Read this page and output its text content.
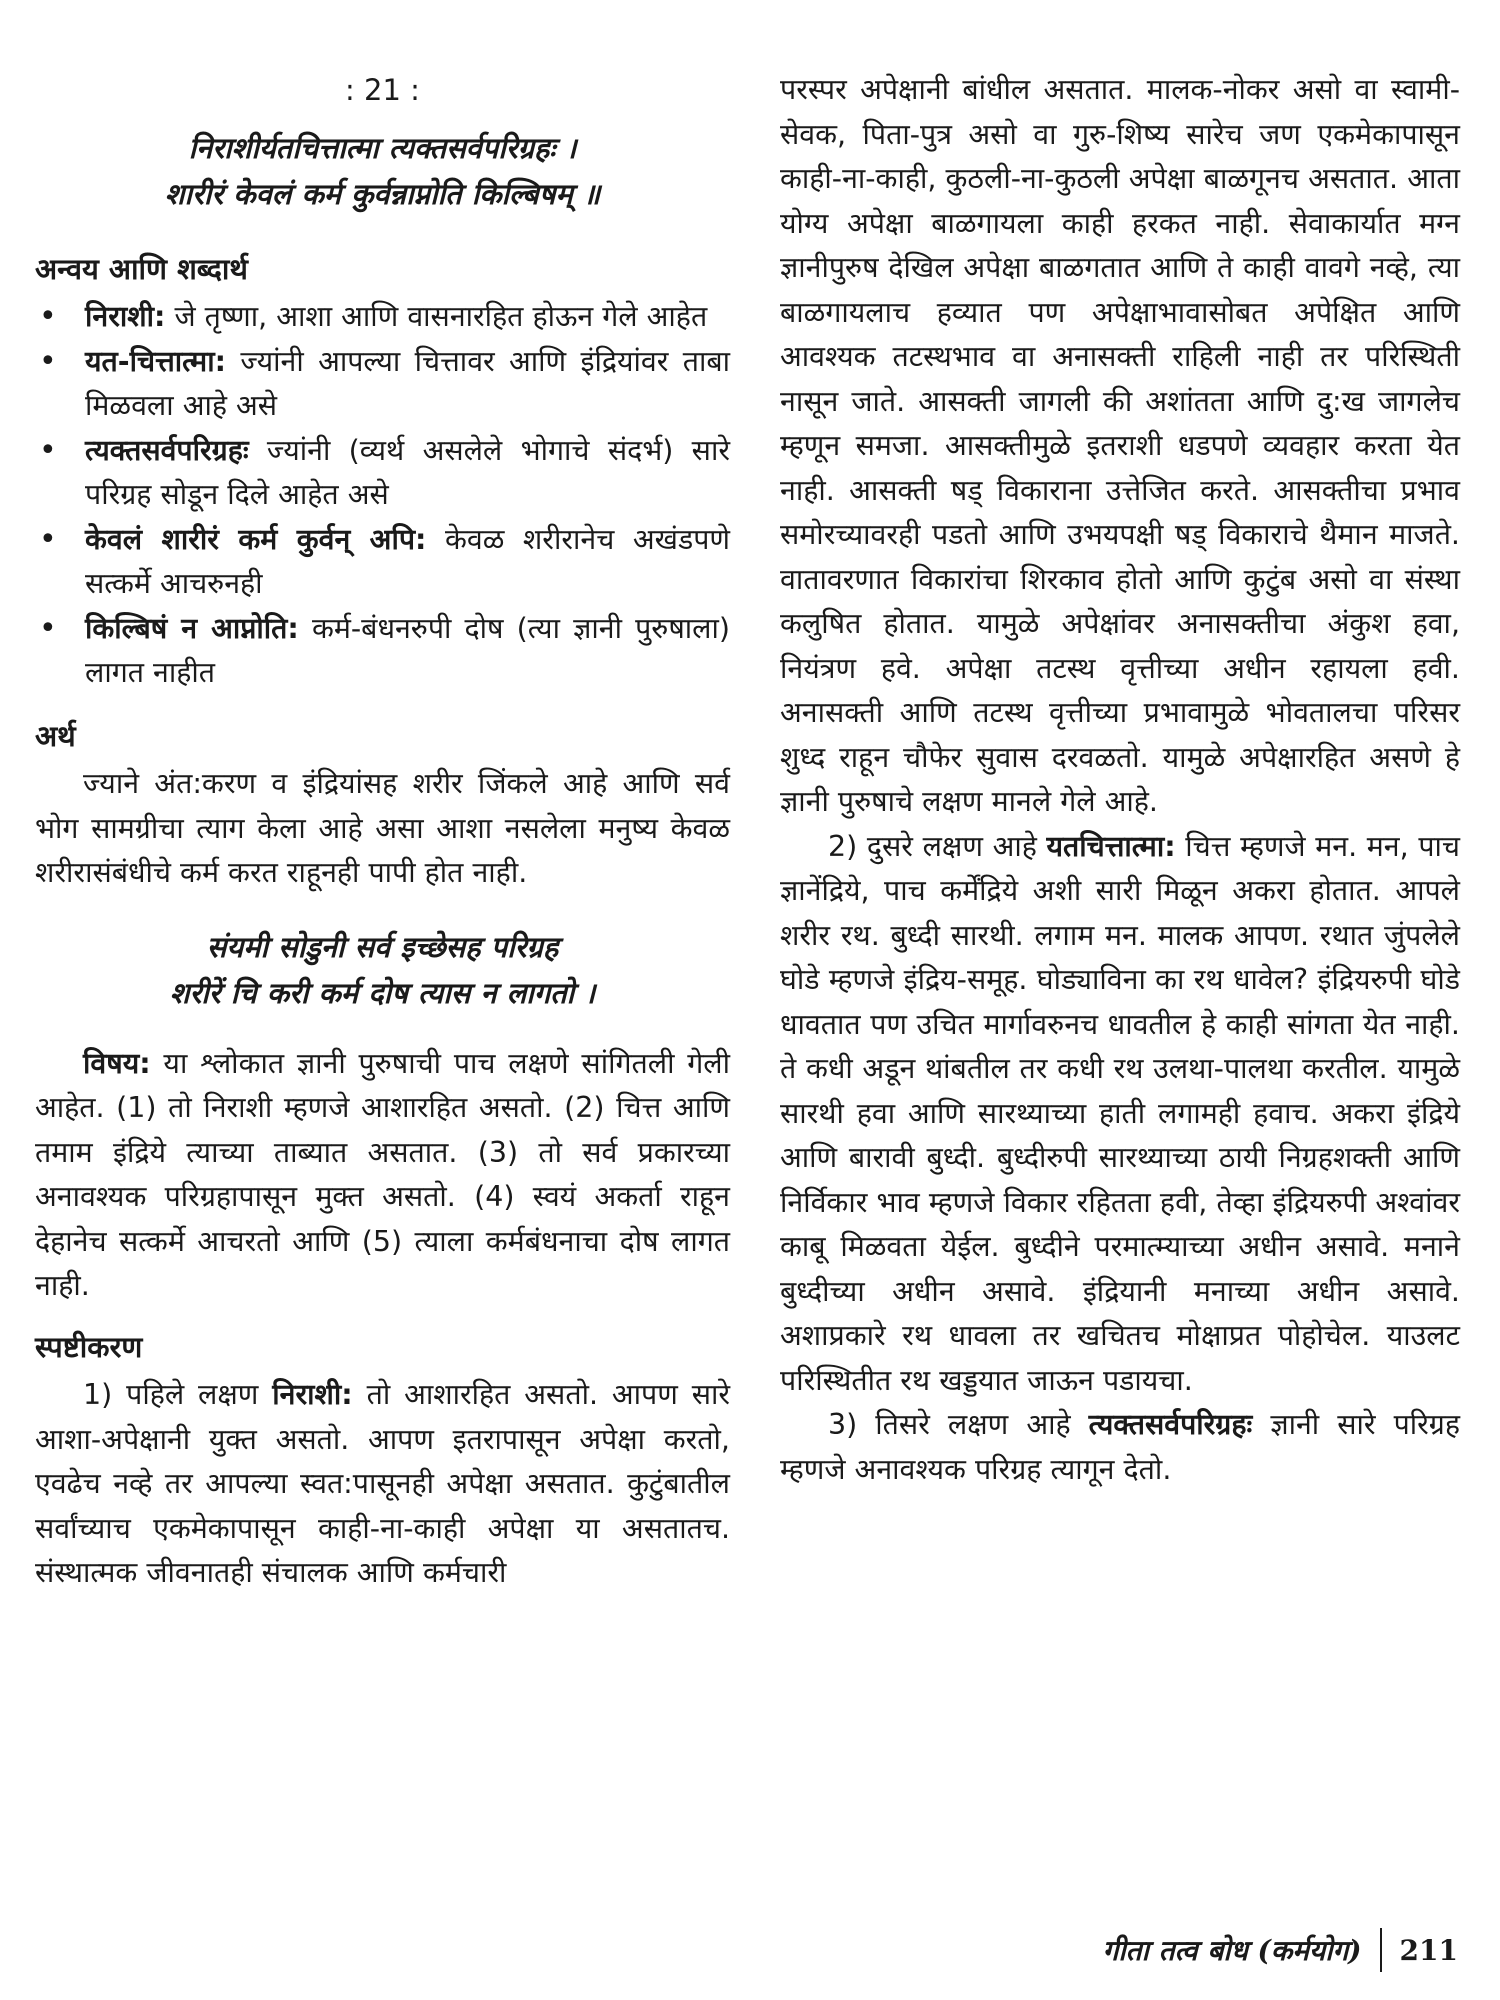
: 21 :
निराशीर्यतचित्तात्मा त्यक्तसर्वपरिग्रहः ।
शारीरं केवलं कर्म कुर्वन्नाप्नोति किल्बिषम् ॥
अन्वय आणि शब्दार्थ
• निराशी: जे तृष्णा, आशा आणि वासनारहित होऊन गेले आहेत
• यत-चित्तात्मा: ज्यांनी आपल्या चित्तावर आणि इंद्रियांवर ताबा मिळवला आहे असे
• त्यक्तसर्वपरिग्रहः ज्यांनी (व्यर्थ असलेले भोगाचे संदर्भ) सारे परिग्रह सोडून दिले आहेत असे
• केवलं शारीरं कर्म कुर्वन् अपि: केवळ शरीरानेच अखंडपणे सत्कर्मे आचरुनही
• किल्बिषं न आप्नोति: कर्म-बंधनरुपी दोष (त्या ज्ञानी पुरुषाला) लागत नाहीत
अर्थ

ज्याने अंत:करण व इंद्रियांसह शरीर जिंकले आहे आणि सर्व भोग सामग्रीचा त्याग केला आहे असा आशा नसलेला मनुष्य केवळ शरीरासंबंधीचे कर्म करत राहूनही पापी होत नाही.

संयमी सोडुनी सर्व इच्छेसह परिग्रह
शरीरें चि करी कर्म दोष त्यास न लागतो ।

विषय: या श्लोकात ज्ञानी पुरुषाची पाच लक्षणे सांगितली गेली आहेत. (1) तो निराशी म्हणजे आशारहित असतो. (2) चित्त आणि तमाम इंद्रिये त्याच्या ताब्यात असतात. (3) तो सर्व प्रकारच्या अनावश्यक परिग्रहापासून मुक्त असतो. (4) स्वयं अकर्ता राहून देहानेच सत्कर्मे आचरतो आणि (5) त्याला कर्मबंधनाचा दोष लागत नाही.

स्पष्टीकरण

1) पहिले लक्षण निराशी: तो आशारहित असतो. आपण सारे आशा-अपेक्षानी युक्त असतो. आपण इतरापासून अपेक्षा करतो, एवढेच नव्हे तर आपल्या स्वत:पासूनही अपेक्षा असतात. कुटुंबातील सर्वांच्याच एकमेकापासून काही-ना-काही अपेक्षा या असतातच. संस्थात्मक जीवनातही संचालक आणि कर्मचारी

परस्पर अपेक्षानी बांधील असतात. मालक-नोकर असो वा स्वामी-सेवक, पिता-पुत्र असो वा गुरु-शिष्य सारेच जण एकमेकापासून काही-ना-काही, कुठली-ना-कुठली अपेक्षा बाळगूनच असतात. आता योग्य अपेक्षा बाळगायला काही हरकत नाही. सेवाकार्यात मग्न ज्ञानीपुरुष देखिल अपेक्षा बाळगतात आणि ते काही वावगे नव्हे, त्या बाळगायलाच हव्यात पण अपेक्षाभावासोबत अपेक्षित आणि आवश्यक तटस्थभाव वा अनासक्ती राहिली नाही तर परिस्थिती नासून जाते. आसक्ती जागली की अशांतता आणि दु:ख जागलेच म्हणून समजा. आसक्तीमुळे इतराशी धडपणे व्यवहार करता येत नाही. आसक्ती षड् विकाराना उत्तेजित करते. आसक्तीचा प्रभाव समोरच्यावरही पडतो आणि उभयपक्षी षड् विकाराचे थैमान माजते. वातावरणात विकारांचा शिरकाव होतो आणि कुटुंब असो वा संस्था कलुषित होतात. यामुळे अपेक्षांवर अनासक्तीचा अंकुश हवा, नियंत्रण हवे. अपेक्षा तटस्थ वृत्तीच्या अधीन रहायला हवी. अनासक्ती आणि तटस्थ वृत्तीच्या प्रभावामुळे भोवतालचा परिसर शुध्द राहून चौफेर सुवास दरवळतो. यामुळे अपेक्षारहित असणे हे ज्ञानी पुरुषाचे लक्षण मानले गेले आहे.

2) दुसरे लक्षण आहे यतचित्तात्मा: चित्त म्हणजे मन. मन, पाच ज्ञानेंद्रिये, पाच कर्मेंद्रिये अशी सारी मिळून अकरा होतात. आपले शरीर रथ. बुध्दी सारथी. लगाम मन. मालक आपण. रथात जुंपलेले घोडे म्हणजे इंद्रिय-समूह. घोड्याविना का रथ धावेल? इंद्रियरुपी घोडे धावतात पण उचित मार्गावरुनच धावतील हे काही सांगता येत नाही. ते कधी अडून थांबतील तर कधी रथ उलथा-पालथा करतील. यामुळे सारथी हवा आणि सारथ्याच्या हाती लगामही हवाच. अकरा इंद्रिये आणि बारावी बुध्दी. बुध्दीरुपी सारथ्याच्या ठायी निग्रहशक्ती आणि निर्विकार भाव म्हणजे विकार रहितता हवी, तेव्हा इंद्रियरुपी अश्वांवर काबू मिळवता येईल. बुध्दीने परमात्म्याच्या अधीन असावे. मनाने बुध्दीच्या अधीन असावे. इंद्रियानी मनाच्या अधीन असावे. अशाप्रकारे रथ धावला तर खचितच मोक्षाप्रत पोहोचेल. याउलट परिस्थितीत रथ खड्डयात जाऊन पडायचा.

3) तिसरे लक्षण आहे त्यक्तसर्वपरिग्रहः ज्ञानी सारे परिग्रह म्हणजे अनावश्यक परिग्रह त्यागून देतो.

गीता तत्व बोध (कर्मयोग) 211
